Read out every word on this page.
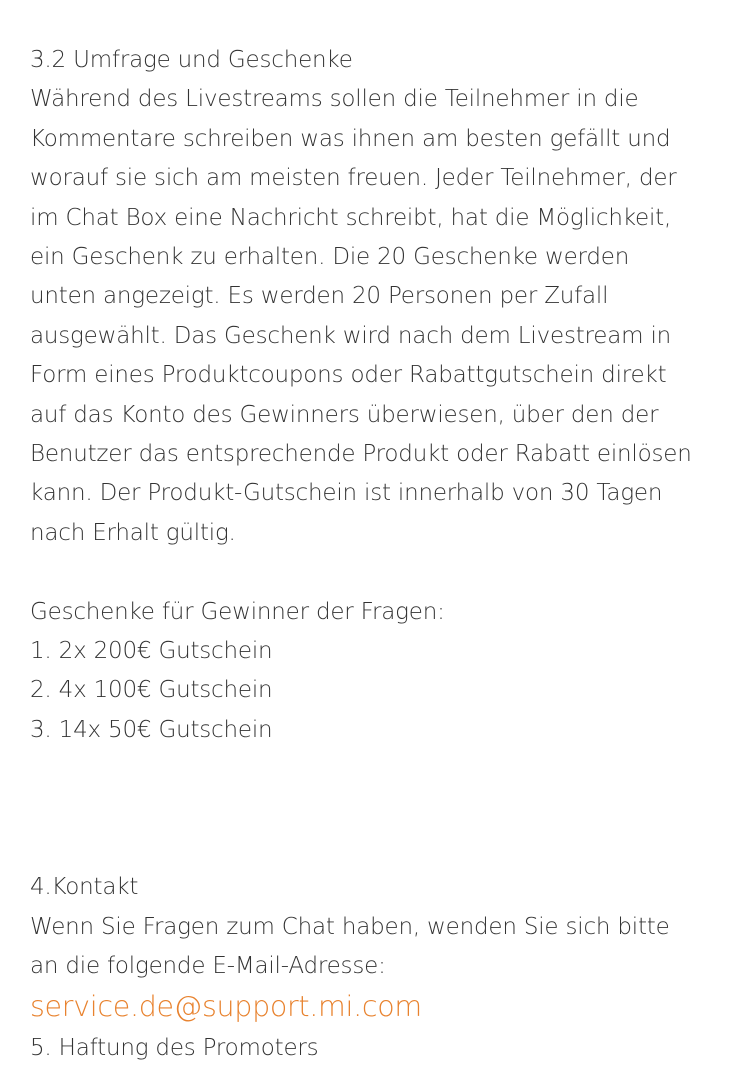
3.2 Umfrage und Geschenke

Während des Livestreams sollen die Teilnehmer in die

Kommentare schreiben was ihnen am besten gefällt und

worauf sie sich am meisten freuen. Jeder Teilnehmer, der

im Chat Box eine Nachricht schreibt, hat die Möglichkeit,

ein Geschenk zu erhalten. Die 20 Geschenke werden

unten angezeigt. Es werden 20 Personen per Zufall

ausgewählt. Das Geschenk wird nach dem Livestream in

Form eines Produktcoupons oder Rabattgutschein direkt

auf das Konto des Gewinners überwiesen, über den der

Benutzer das entsprechende Produkt oder Rabatt einlösen

kann. Der Produkt-Gutschein ist innerhalb von 30 Tagen

nach Erhalt gültig.

Geschenke für Gewinner der Fragen:

1. 2x 200€ Gutschein

2. 4x 100€ Gutschein

3. 14x 50€ Gutschein

4.Kontakt

Wenn Sie Fragen zum Chat haben, wenden Sie sich bitte

an die folgende E-Mail-Adresse:

service.de@support.mi.com

5. Haftung des Promoters
